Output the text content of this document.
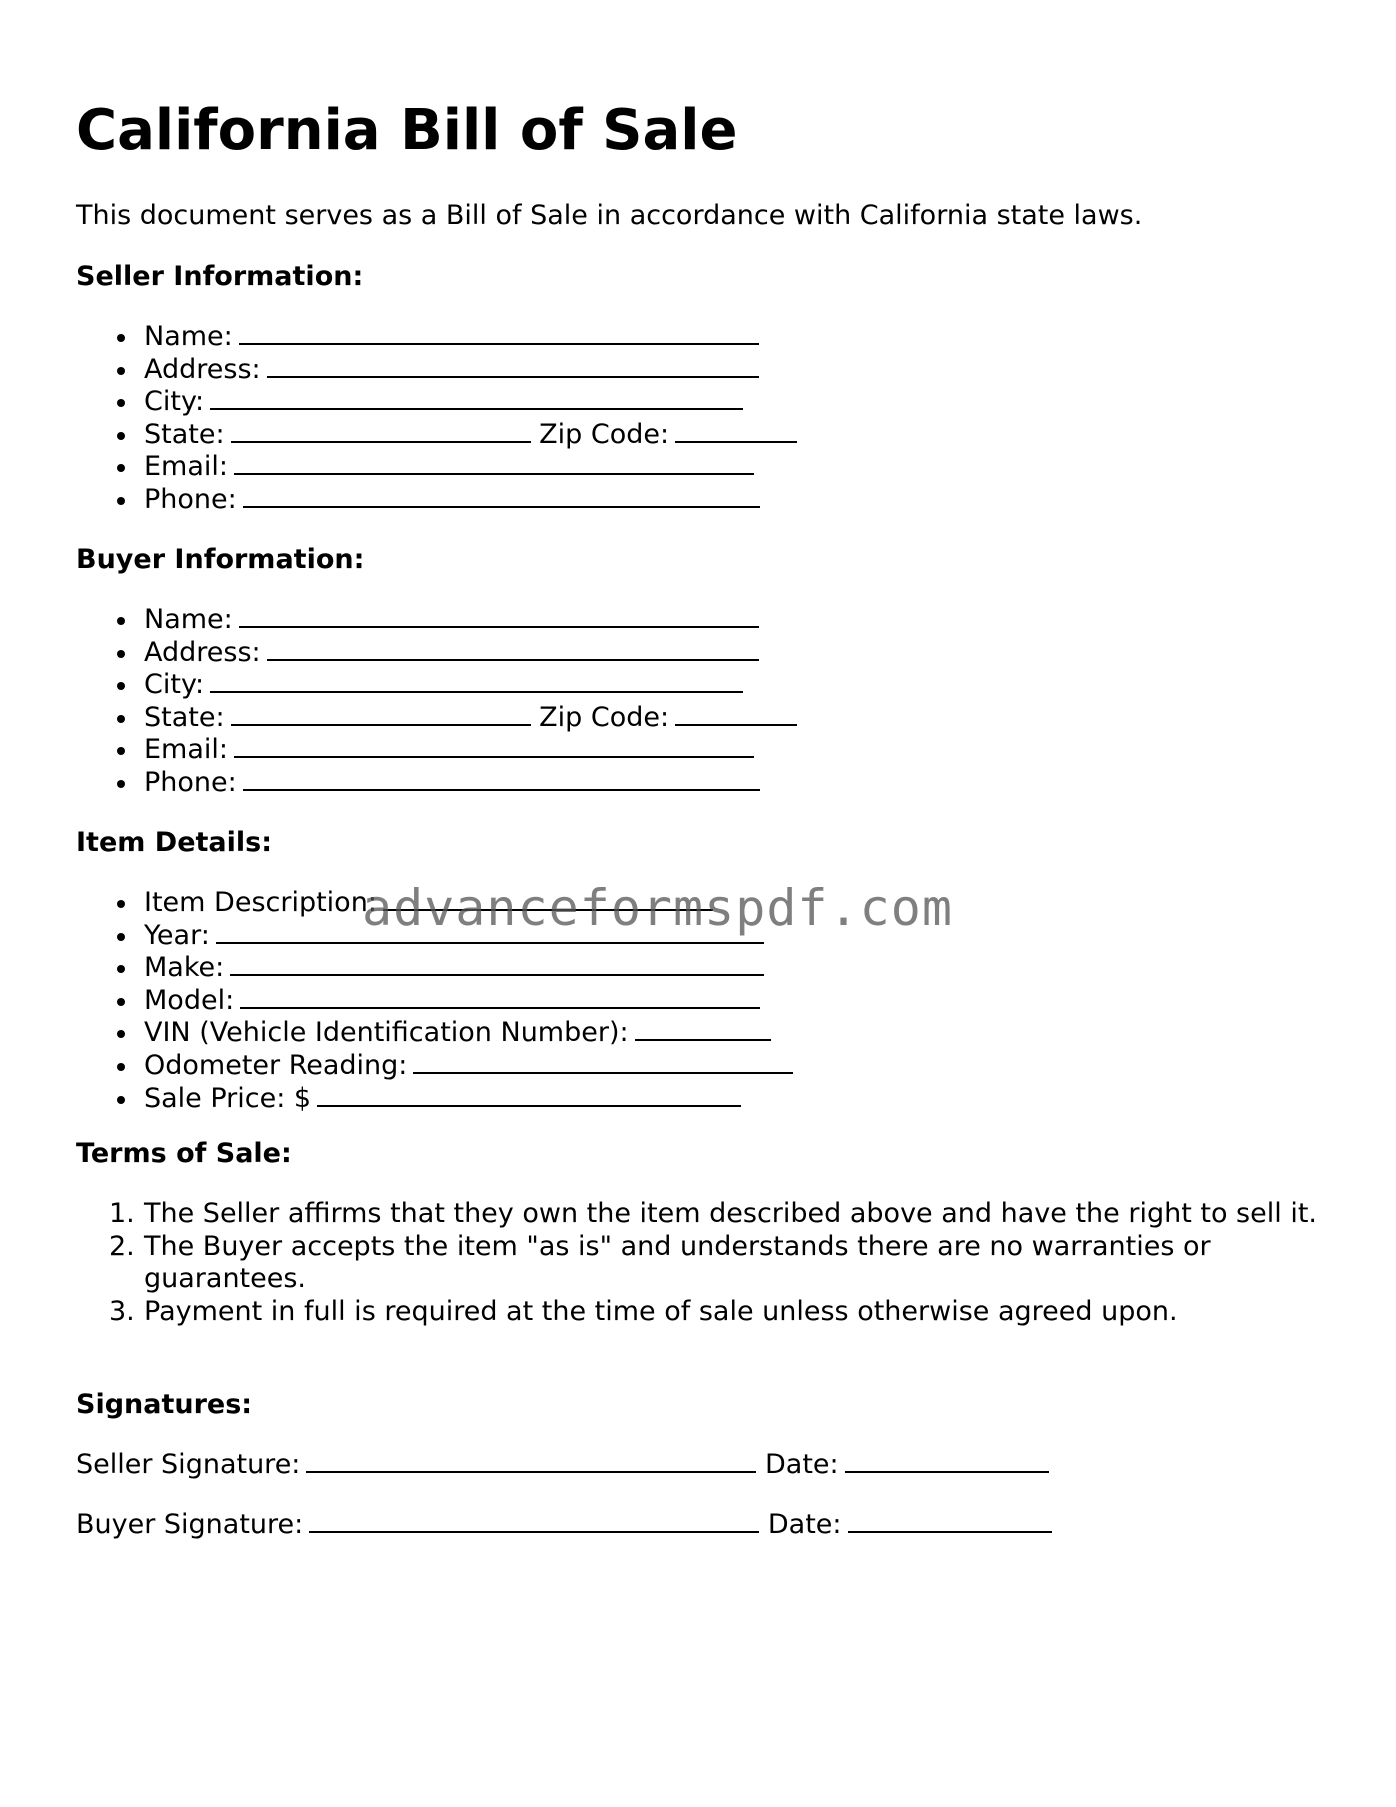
California Bill of Sale

This document serves as a Bill of Sale in accordance with California state laws.

Seller Information:
Name:
Address:
City:
State:	Zip Code:
Email:
Phone:
Buyer Information:
Name:
Address:
City:
State:	Zip Code:
Email:
Phone:
Item Details:
Item Description:
Year:
Make:
Model:
VIN (Vehicle Identification Number):
Odometer Reading:
Sale Price: $
Terms of Sale:
1. The Seller affirms that they own the item described above and have the right to sell it.
2. The Buyer accepts the item "as is" and understands there are no warranties or guarantees.
3. Payment in full is required at the time of sale unless otherwise agreed upon.
Signatures:

Seller Signature:	Date:

Buyer Signature:	Date:

advanceformspdf.com
